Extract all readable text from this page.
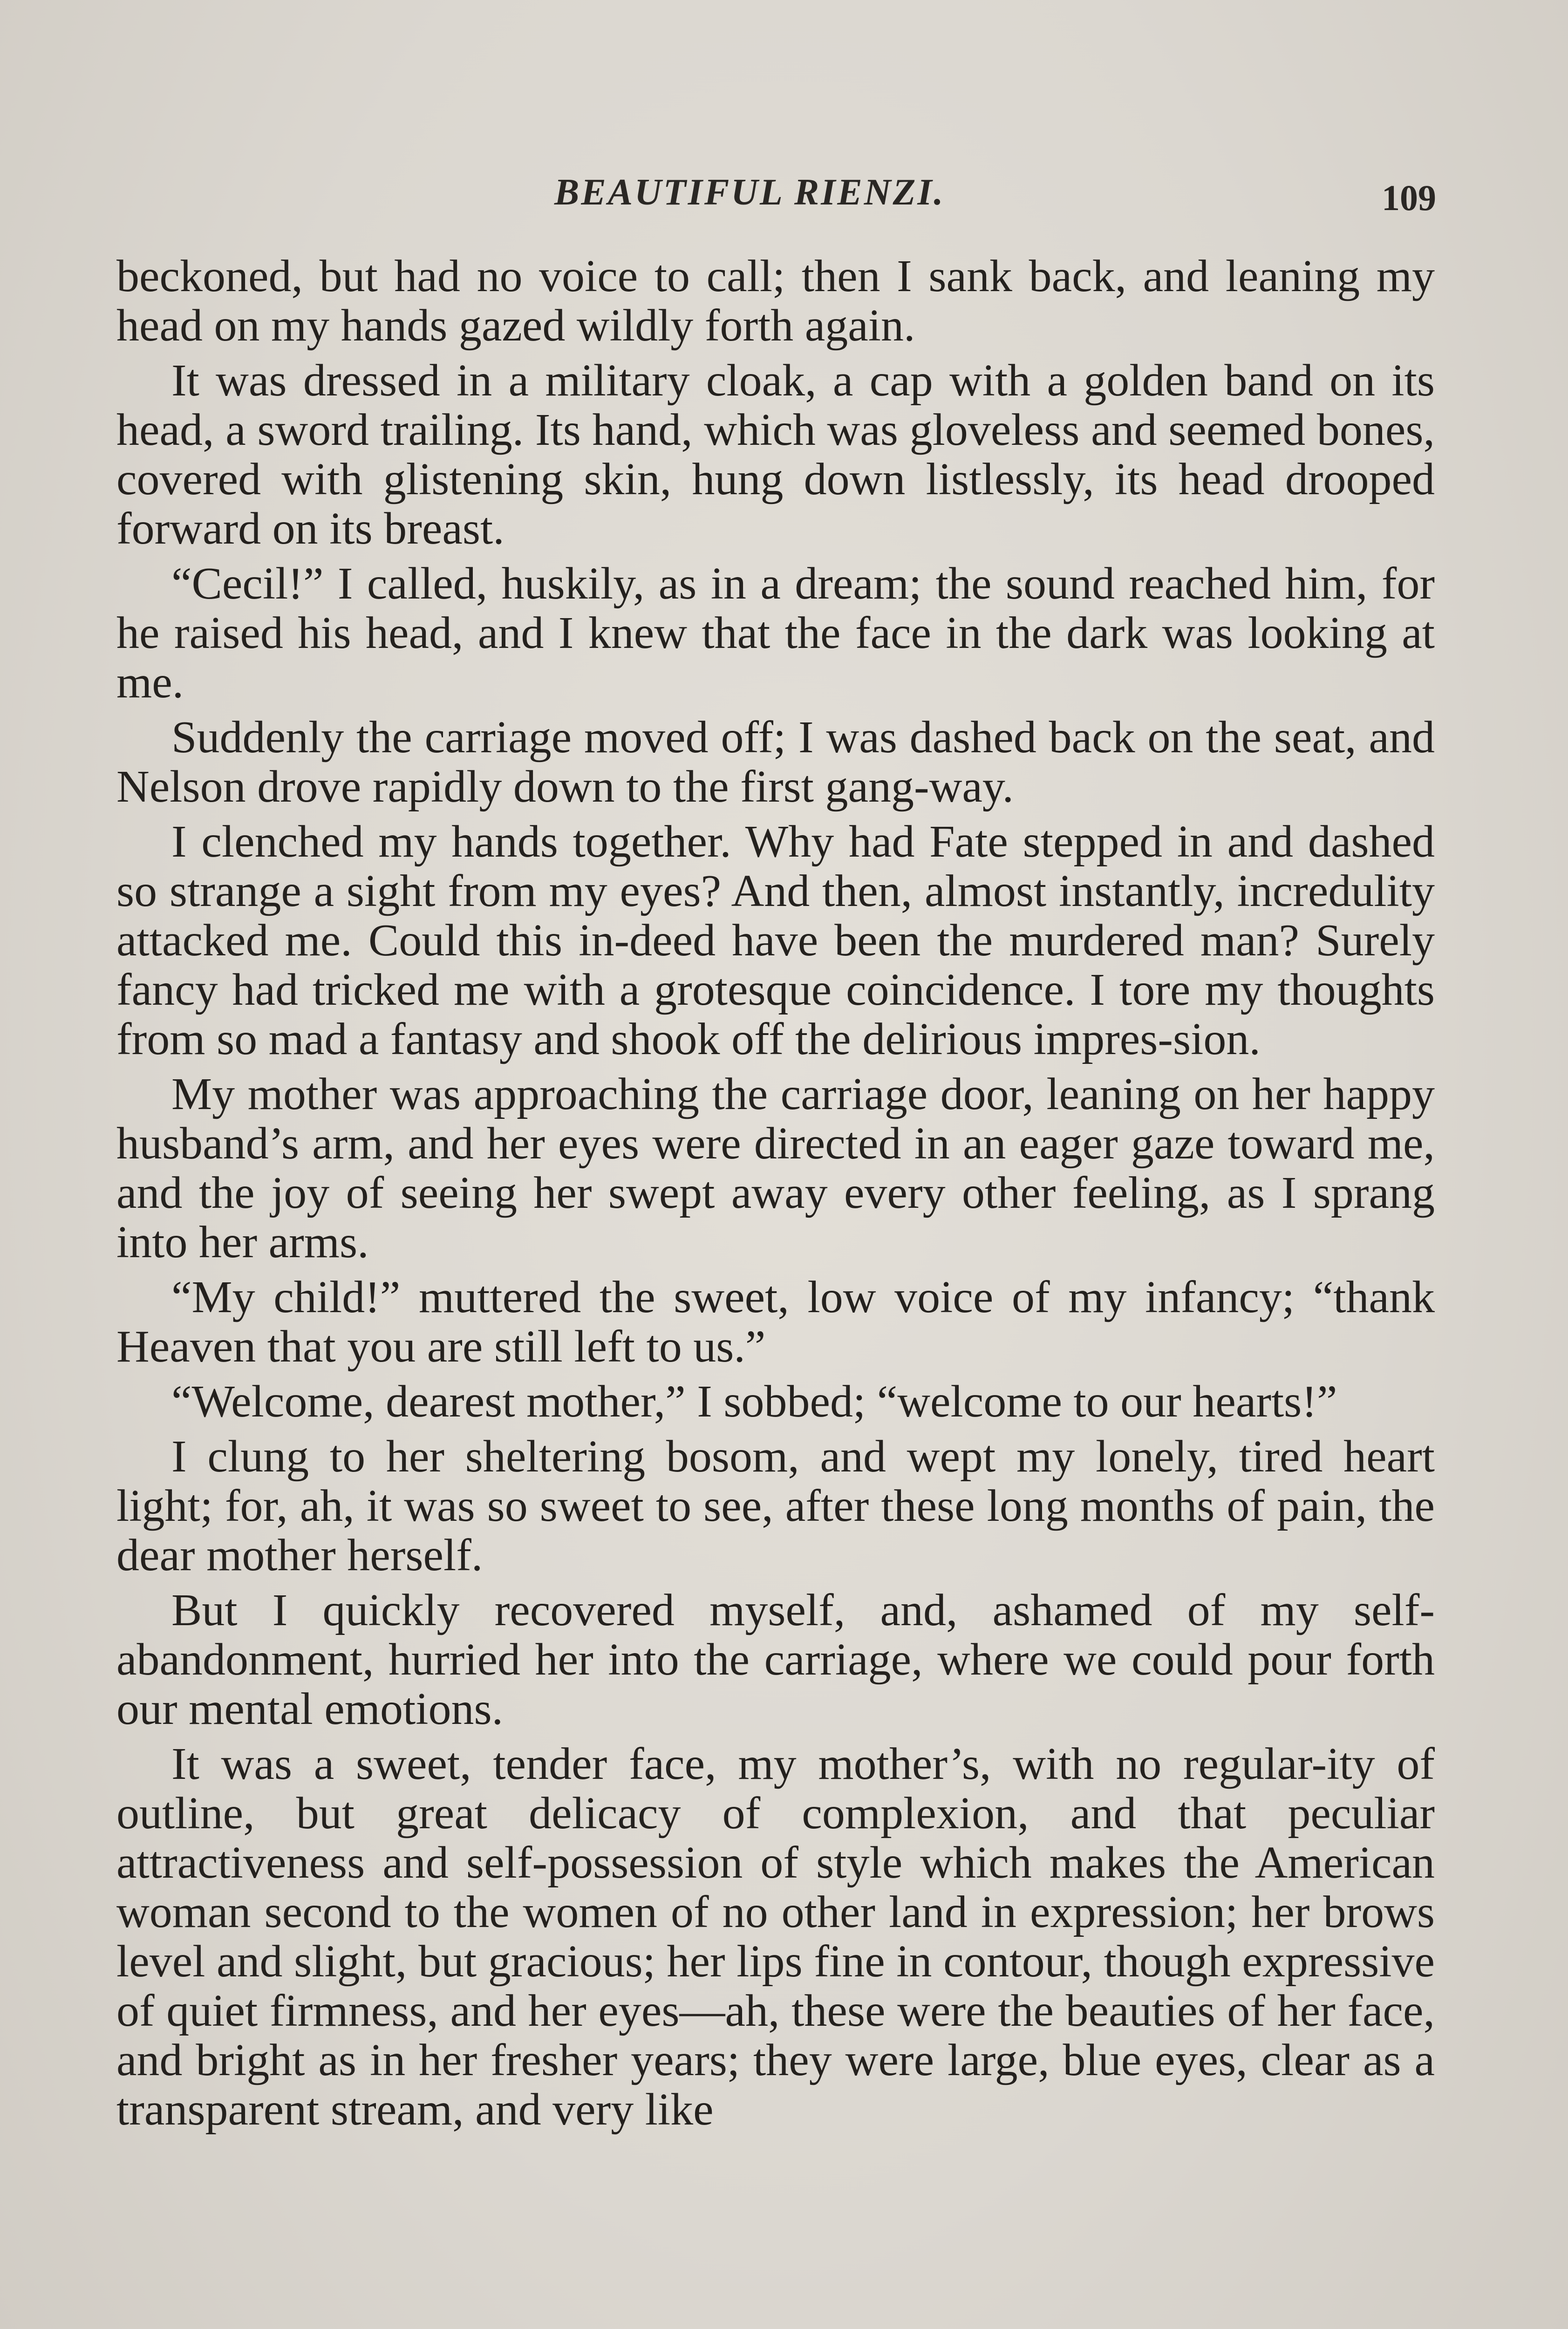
BEAUTIFUL RIENZI.	109

beckoned, but had no voice to call; then I sank back, and leaning my head on my hands gazed wildly forth again.

It was dressed in a military cloak, a cap with a golden band on its head, a sword trailing. Its hand, which was gloveless and seemed bones, covered with glistening skin, hung down listlessly, its head drooped forward on its breast.

“Cecil!” I called, huskily, as in a dream; the sound reached him, for he raised his head, and I knew that the face in the dark was looking at me.

Suddenly the carriage moved off; I was dashed back on the seat, and Nelson drove rapidly down to the first gang-way.

I clenched my hands together. Why had Fate stepped in and dashed so strange a sight from my eyes? And then, almost instantly, incredulity attacked me. Could this in-deed have been the murdered man? Surely fancy had tricked me with a grotesque coincidence. I tore my thoughts from so mad a fantasy and shook off the delirious impres-sion.

My mother was approaching the carriage door, leaning on her happy husband’s arm, and her eyes were directed in an eager gaze toward me, and the joy of seeing her swept away every other feeling, as I sprang into her arms.

“My child!” muttered the sweet, low voice of my infancy; “thank Heaven that you are still left to us.”

“Welcome, dearest mother,” I sobbed; “welcome to our hearts!”

I clung to her sheltering bosom, and wept my lonely, tired heart light; for, ah, it was so sweet to see, after these long months of pain, the dear mother herself.

But I quickly recovered myself, and, ashamed of my self-abandonment, hurried her into the carriage, where we could pour forth our mental emotions.

It was a sweet, tender face, my mother’s, with no regular-ity of outline, but great delicacy of complexion, and that peculiar attractiveness and self-possession of style which makes the American woman second to the women of no other land in expression; her brows level and slight, but gracious; her lips fine in contour, though expressive of quiet firmness, and her eyes—ah, these were the beauties of her face, and bright as in her fresher years; they were large, blue eyes, clear as a transparent stream, and very like
